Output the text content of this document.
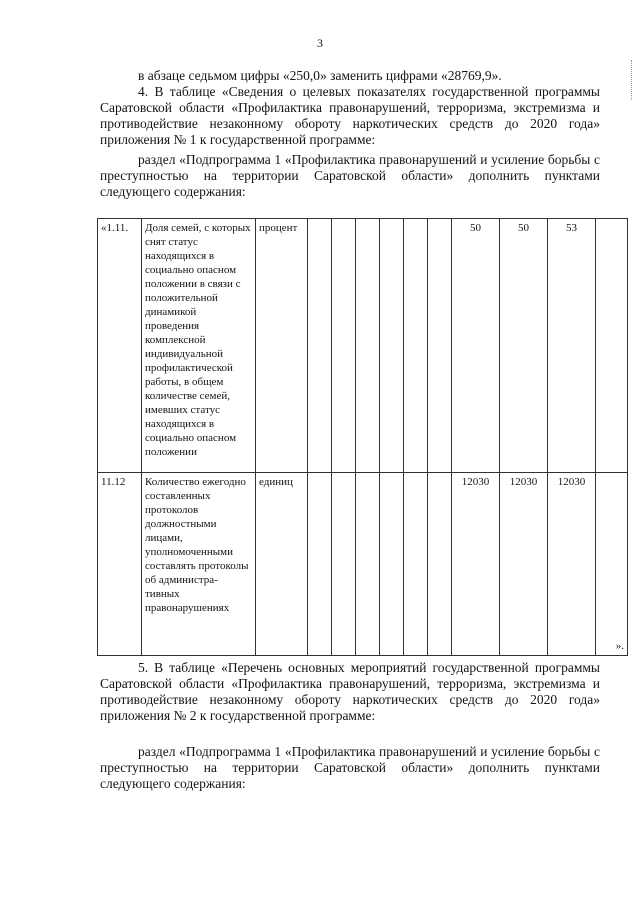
3
в абзаце седьмом цифры «250,0» заменить цифрами «28769,9».
4. В таблице «Сведения о целевых показателях государственной программы Саратовской области «Профилактика правонарушений, терроризма, экстремизма и противодействие незаконному обороту наркотических средств до 2020 года» приложения № 1 к государственной программе:
раздел «Подпрограмма 1 «Профилактика правонарушений и усиление борьбы с преступностью на территории Саратовской области» дополнить пунктами следующего содержания:
«1.11.	Доля семей, с которых снят статус находящихся в социально опасном положении в связи с положительной динамикой проведения комплексной индивидуальной профилактической работы, в общем количестве семей, имевших статус находящихся в социально опасном положении	процент							50	50	53	
11.12	Количество ежегодно составленных протоколов должностными лицами, уполномоченными составлять протоколы об администра-тивных правонарушениях	единиц							12030	12030	12030	».
5. В таблице «Перечень основных мероприятий государственной программы Саратовской области «Профилактика правонарушений, терроризма, экстремизма и противодействие незаконному обороту наркотических средств до 2020 года» приложения № 2 к государственной программе:
раздел «Подпрограмма 1 «Профилактика правонарушений и усиление борьбы с преступностью на территории Саратовской области» дополнить пунктами следующего содержания:
